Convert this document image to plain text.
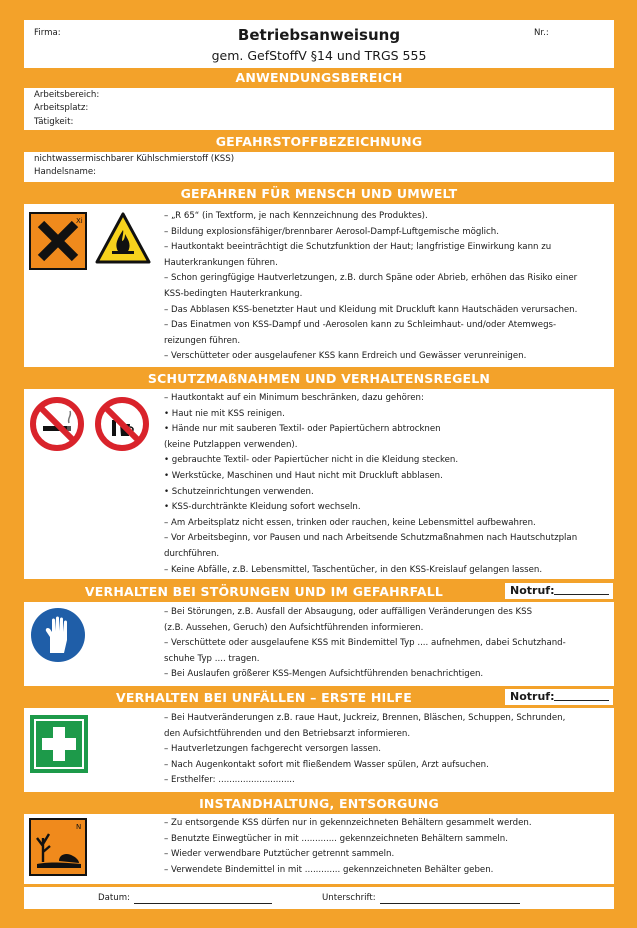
Firma:	Betriebsanweisung
gem. GefStoffV §14 und TRGS 555
Nr.:
ANWENDUNGSBEREICH
Arbeitsbereich:
Arbeitsplatz:
Tätigkeit:
GEFAHRSTOFFBEZEICHNUNG
nichtwassermischbarer Kühlschmierstoff (KSS)
Handelsname:
GEFAHREN FÜR MENSCH UND UMWELT
Xi	– „R 65“ (in Textform, je nach Kennzeichnung des Produktes).
– Bildung explosionsfähiger/brennbarer Aerosol-Dampf-Luftgemische möglich.
– Hautkontakt beeinträchtigt die Schutzfunktion der Haut; langfristige Einwirkung kann zu
Hauterkrankungen führen.
– Schon geringfügige Hautverletzungen, z.B. durch Späne oder Abrieb, erhöhen das Risiko einer
KSS-bedingten Hauterkrankung.
– Das Abblasen KSS-benetzter Haut und Kleidung mit Druckluft kann Hautschäden verursachen.
– Das Einatmen von KSS-Dampf und -Aerosolen kann zu Schleimhaut- und/oder Atemwegs-
reizungen führen.
– Verschütteter oder ausgelaufener KSS kann Erdreich und Gewässer verunreinigen.
SCHUTZMAßNAHMEN UND VERHALTENSREGELN
– Hautkontakt auf ein Minimum beschränken, dazu gehören:
• Haut nie mit KSS reinigen.
• Hände nur mit sauberen Textil- oder Papiertüchern abtrocknen
(keine Putzlappen verwenden).
• gebrauchte Textil- oder Papiertücher nicht in die Kleidung stecken.
• Werkstücke, Maschinen und Haut nicht mit Druckluft abblasen.
• Schutzeinrichtungen verwenden.
• KSS-durchtränkte Kleidung sofort wechseln.
– Am Arbeitsplatz nicht essen, trinken oder rauchen, keine Lebensmittel aufbewahren.
– Vor Arbeitsbeginn, vor Pausen und nach Arbeitsende Schutzmaßnahmen nach Hautschutzplan
durchführen.
– Keine Abfälle, z.B. Lebensmittel, Taschentücher, in den KSS-Kreislauf gelangen lassen.
VERHALTEN BEI STÖRUNGEN UND IM GEFAHRFALL	Notruf:
– Bei Störungen, z.B. Ausfall der Absaugung, oder auffälligen Veränderungen des KSS
(z.B. Aussehen, Geruch) den Aufsichtführenden informieren.
– Verschüttete oder ausgelaufene KSS mit Bindemittel Typ .... aufnehmen, dabei Schutzhand-
schuhe Typ .... tragen.
– Bei Auslaufen größerer KSS-Mengen Aufsichtführenden benachrichtigen.
VERHALTEN BEI UNFÄLLEN – ERSTE HILFE	Notruf:
– Bei Hautveränderungen z.B. raue Haut, Juckreiz, Brennen, Bläschen, Schuppen, Schrunden,
den Aufsichtführenden und den Betriebsarzt informieren.
– Hautverletzungen fachgerecht versorgen lassen.
– Nach Augenkontakt sofort mit fließendem Wasser spülen, Arzt aufsuchen.
– Ersthelfer: ............................
INSTANDHALTUNG, ENTSORGUNG
N	– Zu entsorgende KSS dürfen nur in gekennzeichneten Behältern gesammelt werden.
– Benutzte Einwegtücher in mit ............. gekennzeichneten Behältern sammeln.
– Wieder verwendbare Putztücher getrennt sammeln.
– Verwendete Bindemittel in mit ............. gekennzeichneten Behälter geben.
Datum:	Unterschrift:
